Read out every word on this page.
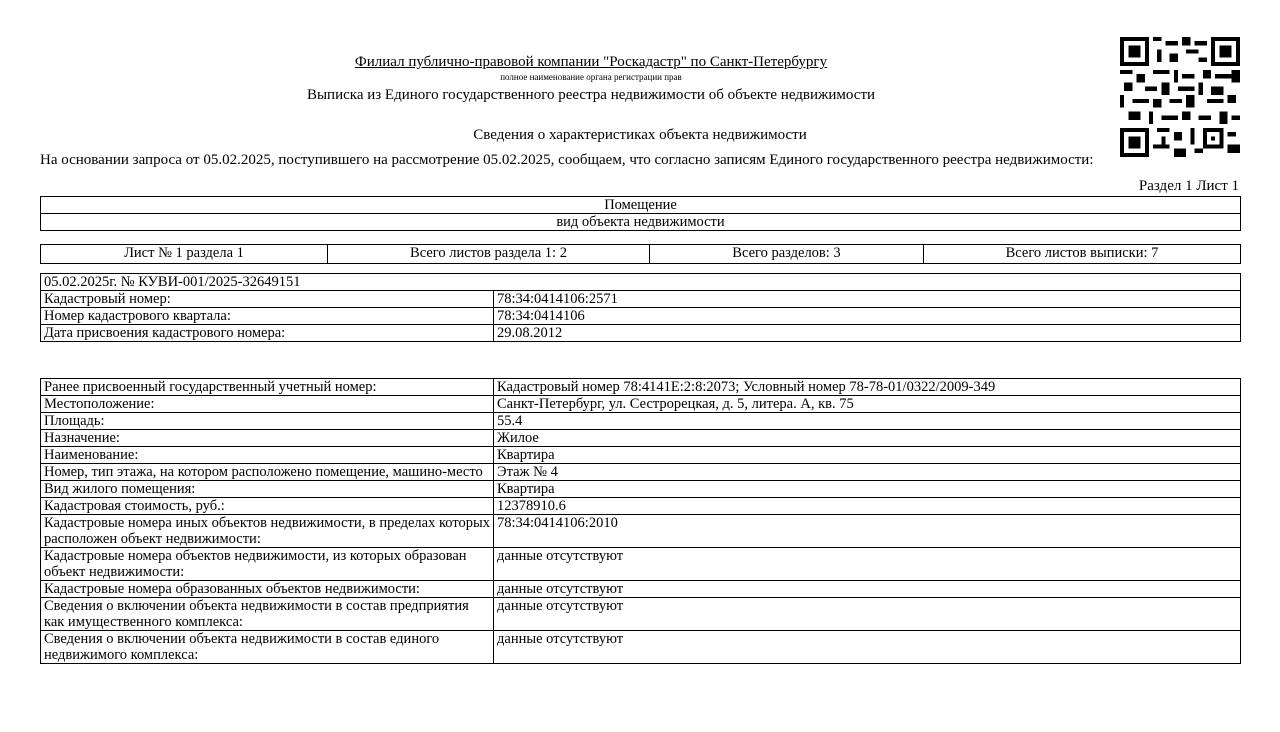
Филиал публично-правовой компании "Роскадастр" по Санкт-Петербургу
полное наименование органа регистрации прав
Выписка из Единого государственного реестра недвижимости об объекте недвижимости
Сведения о характеристиках объекта недвижимости
На основании запроса от 05.02.2025, поступившего на рассмотрение 05.02.2025, сообщаем, что согласно записям Единого государственного реестра недвижимости:
Раздел 1 Лист 1
Помещение
вид объекта недвижимости
Лист № 1 раздела 1	Всего листов раздела 1: 2	Всего разделов: 3	Всего листов выписки: 7
05.02.2025г. № КУВИ-001/2025-32649151	
Кадастровый номер:	78:34:0414106:2571
Номер кадастрового квартала:	78:34:0414106
Дата присвоения кадастрового номера:	29.08.2012
Ранее присвоенный государственный учетный номер:	Кадастровый номер 78:4141Е:2:8:2073; Условный номер 78-78-01/0322/2009-349
Местоположение:	Санкт-Петербург, ул. Сестрорецкая, д. 5, литера. А, кв. 75
Площадь:	55.4
Назначение:	Жилое
Наименование:	Квартира
Номер, тип этажа, на котором расположено помещение, машино-место	Этаж № 4
Вид жилого помещения:	Квартира
Кадастровая стоимость, руб.:	12378910.6
Кадастровые номера иных объектов недвижимости, в пределах которых расположен объект недвижимости:	78:34:0414106:2010
Кадастровые номера объектов недвижимости, из которых образован объект недвижимости:	данные отсутствуют
Кадастровые номера образованных объектов недвижимости:	данные отсутствуют
Сведения о включении объекта недвижимости в состав предприятия как имущественного комплекса:	данные отсутствуют
Сведения о включении объекта недвижимости в состав единого недвижимого комплекса:	данные отсутствуют
